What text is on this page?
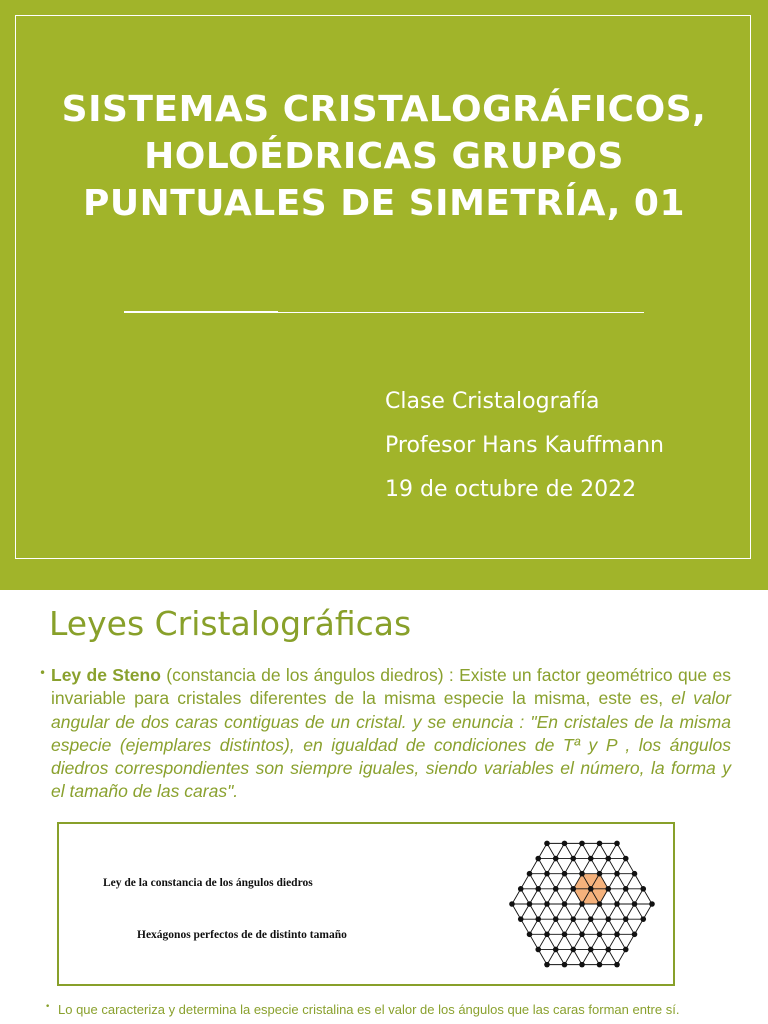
SISTEMAS CRISTALOGRÁFICOS,
HOLOÉDRICAS GRUPOS
PUNTUALES DE SIMETRÍA, 01
Clase Cristalografía
Profesor Hans Kauffmann
19 de octubre de 2022
Leyes Cristalográficas
• Ley de Steno (constancia de los ángulos diedros) : Existe un factor geométrico que es invariable para cristales diferentes de la misma especie la misma, este es, el valor angular de dos caras contiguas de un cristal. y se enuncia : "En cristales de la misma especie (ejemplares distintos), en igualdad de condiciones de Tª y P , los ángulos diedros correspondientes son siempre iguales, siendo variables el número, la forma y el tamaño de las caras".
Ley de la constancia de los ángulos diedros
Hexágonos perfectos de de distinto tamaño
• Lo que caracteriza y determina la especie cristalina es el valor de los ángulos que las caras forman entre sí.
